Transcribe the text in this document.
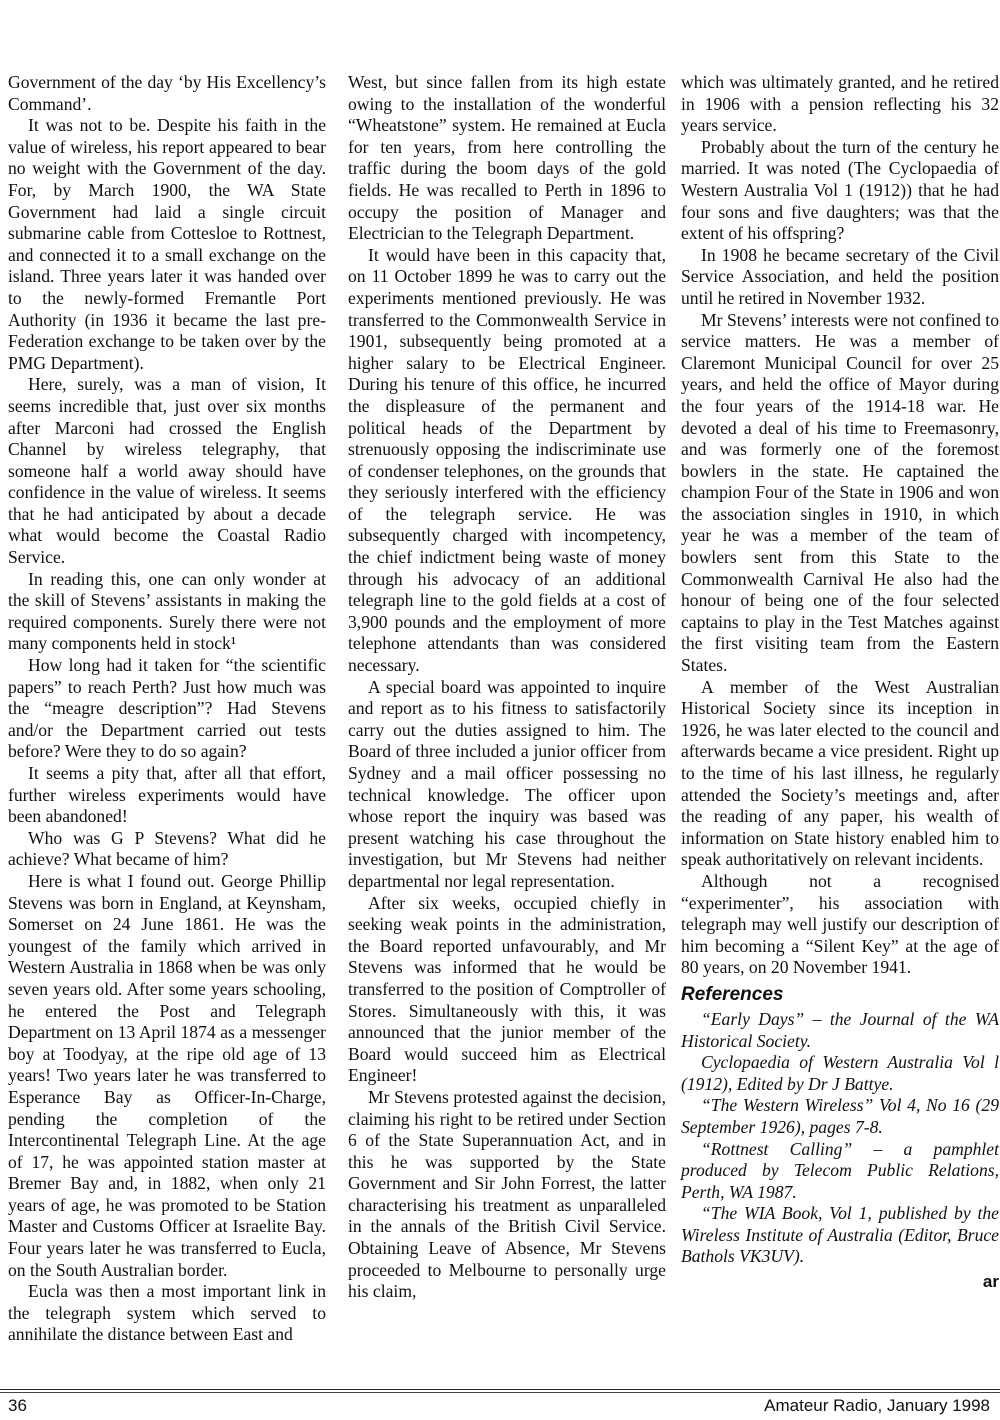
Government of the day ‘by His Excellency’s Command’.

It was not to be. Despite his faith in the value of wireless, his report appeared to bear no weight with the Government of the day. For, by March 1900, the WA State Government had laid a single circuit submarine cable from Cottesloe to Rottnest, and connected it to a small exchange on the island. Three years later it was handed over to the newly-formed Fremantle Port Authority (in 1936 it became the last pre-Federation exchange to be taken over by the PMG Department).

Here, surely, was a man of vision, It seems incredible that, just over six months after Marconi had crossed the English Channel by wireless telegraphy, that someone half a world away should have confidence in the value of wireless. It seems that he had anticipated by about a decade what would become the Coastal Radio Service.

In reading this, one can only wonder at the skill of Stevens’ assistants in making the required components. Surely there were not many components held in stock¹

How long had it taken for “the scientific papers” to reach Perth? Just how much was the “meagre description”? Had Stevens and/or the Department carried out tests before? Were they to do so again?

It seems a pity that, after all that effort, further wireless experiments would have been abandoned!

Who was G P Stevens? What did he achieve? What became of him?

Here is what I found out. George Phillip Stevens was born in England, at Keynsham, Somerset on 24 June 1861. He was the youngest of the family which arrived in Western Australia in 1868 when be was only seven years old. After some years schooling, he entered the Post and Telegraph Department on 13 April 1874 as a messenger boy at Toodyay, at the ripe old age of 13 years! Two years later he was transferred to Esperance Bay as Officer-In-Charge, pending the completion of the Intercontinental Telegraph Line. At the age of 17, he was appointed station master at Bremer Bay and, in 1882, when only 21 years of age, he was promoted to be Station Master and Customs Officer at Israelite Bay. Four years later he was transferred to Eucla, on the South Australian border.

Eucla was then a most important link in the telegraph system which served to annihilate the distance between East and

West, but since fallen from its high estate owing to the installation of the wonderful “Wheatstone” system. He remained at Eucla for ten years, from here controlling the traffic during the boom days of the gold fields. He was recalled to Perth in 1896 to occupy the position of Manager and Electrician to the Telegraph Department.

It would have been in this capacity that, on 11 October 1899 he was to carry out the experiments mentioned previously. He was transferred to the Commonwealth Service in 1901, subsequently being promoted at a higher salary to be Electrical Engineer. During his tenure of this office, he incurred the displeasure of the permanent and political heads of the Department by strenuously opposing the indiscriminate use of condenser telephones, on the grounds that they seriously interfered with the efficiency of the telegraph service. He was subsequently charged with incompetency, the chief indictment being waste of money through his advocacy of an additional telegraph line to the gold fields at a cost of 3,900 pounds and the employment of more telephone attendants than was considered necessary.

A special board was appointed to inquire and report as to his fitness to satisfactorily carry out the duties assigned to him. The Board of three included a junior officer from Sydney and a mail officer possessing no technical knowledge. The officer upon whose report the inquiry was based was present watching his case throughout the investigation, but Mr Stevens had neither departmental nor legal representation.

After six weeks, occupied chiefly in seeking weak points in the administration, the Board reported unfavourably, and Mr Stevens was informed that he would be transferred to the position of Comptroller of Stores. Simultaneously with this, it was announced that the junior member of the Board would succeed him as Electrical Engineer!

Mr Stevens protested against the decision, claiming his right to be retired under Section 6 of the State Superannuation Act, and in this he was supported by the State Government and Sir John Forrest, the latter characterising his treatment as unparalleled in the annals of the British Civil Service. Obtaining Leave of Absence, Mr Stevens proceeded to Melbourne to personally urge his claim,

which was ultimately granted, and he retired in 1906 with a pension reflecting his 32 years service.

Probably about the turn of the century he married. It was noted (The Cyclopaedia of Western Australia Vol 1 (1912)) that he had four sons and five daughters; was that the extent of his offspring?

In 1908 he became secretary of the Civil Service Association, and held the position until he retired in November 1932.

Mr Stevens’ interests were not confined to service matters. He was a member of Claremont Municipal Council for over 25 years, and held the office of Mayor during the four years of the 1914-18 war. He devoted a deal of his time to Freemasonry, and was formerly one of the foremost bowlers in the state. He captained the champion Four of the State in 1906 and won the association singles in 1910, in which year he was a member of the team of bowlers sent from this State to the Commonwealth Carnival He also had the honour of being one of the four selected captains to play in the Test Matches against the first visiting team from the Eastern States.

A member of the West Australian Historical Society since its inception in 1926, he was later elected to the council and afterwards became a vice president. Right up to the time of his last illness, he regularly attended the Society’s meetings and, after the reading of any paper, his wealth of information on State history enabled him to speak authoritatively on relevant incidents.

Although not a recognised “experimenter”, his association with telegraph may well justify our description of him becoming a “Silent Key” at the age of 80 years, on 20 November 1941.

References

“Early Days” – the Journal of the WA Historical Society.

Cyclopaedia of Western Australia Vol l (1912), Edited by Dr J Battye.

“The Western Wireless” Vol 4, No 16 (29 September 1926), pages 7-8.

“Rottnest Calling” – a pamphlet produced by Telecom Public Relations, Perth, WA 1987.

“The WIA Book, Vol 1, published by the Wireless Institute of Australia (Editor, Bruce Bathols VK3UV).

ar
36	Amateur Radio, January 1998
